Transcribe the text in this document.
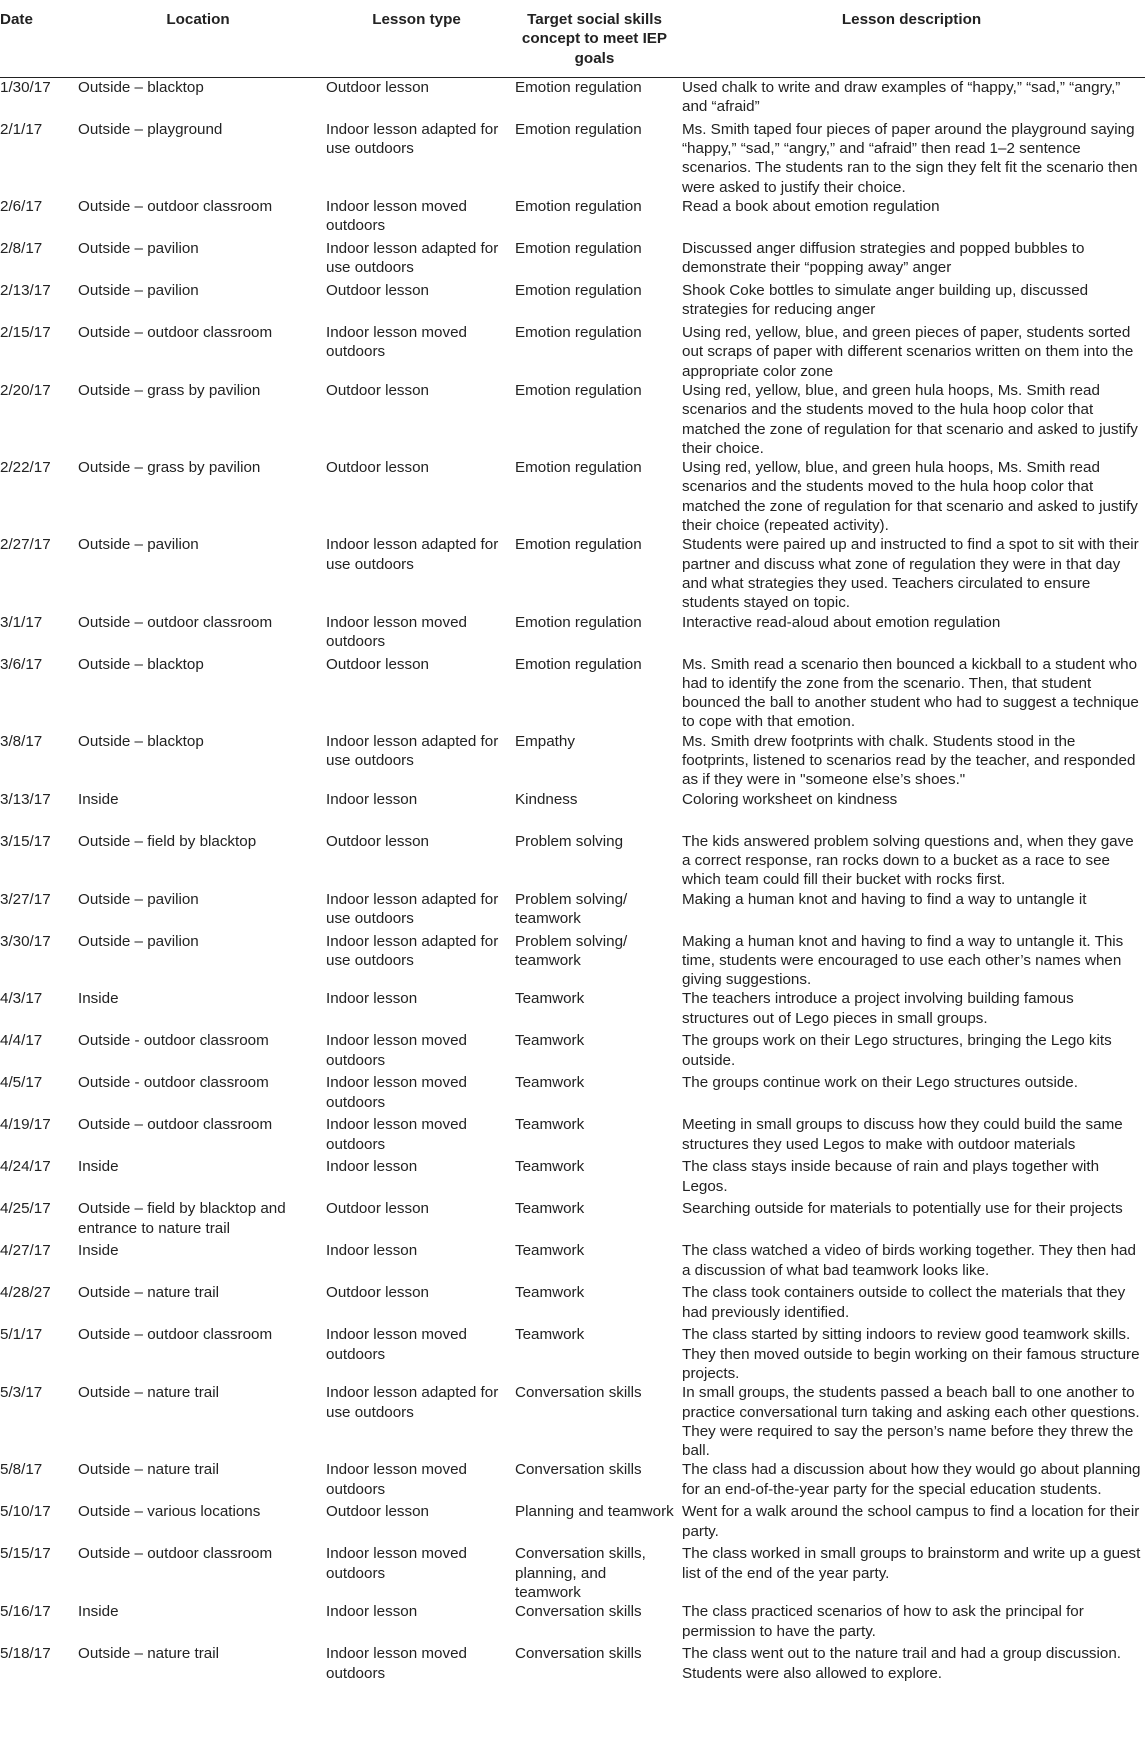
Date	Location	Lesson type	Target social skills concept to meet IEP goals	Lesson description
1/30/17	Outside – blacktop	Outdoor lesson	Emotion regulation	Used chalk to write and draw examples of “happy,” “sad,” “angry,” and “afraid”
2/1/17	Outside – playground	Indoor lesson adapted for use outdoors	Emotion regulation	Ms. Smith taped four pieces of paper around the playground saying “happy,” “sad,” “angry,” and “afraid” then read 1–2 sentence scenarios. The students ran to the sign they felt fit the scenario then were asked to justify their choice.
2/6/17	Outside – outdoor classroom	Indoor lesson moved outdoors	Emotion regulation	Read a book about emotion regulation
2/8/17	Outside – pavilion	Indoor lesson adapted for use outdoors	Emotion regulation	Discussed anger diffusion strategies and popped bubbles to demonstrate their “popping away” anger
2/13/17	Outside – pavilion	Outdoor lesson	Emotion regulation	Shook Coke bottles to simulate anger building up, discussed strategies for reducing anger
2/15/17	Outside – outdoor classroom	Indoor lesson moved outdoors	Emotion regulation	Using red, yellow, blue, and green pieces of paper, students sorted out scraps of paper with different scenarios written on them into the appropriate color zone
2/20/17	Outside – grass by pavilion	Outdoor lesson	Emotion regulation	Using red, yellow, blue, and green hula hoops, Ms. Smith read scenarios and the students moved to the hula hoop color that matched the zone of regulation for that scenario and asked to justify their choice.
2/22/17	Outside – grass by pavilion	Outdoor lesson	Emotion regulation	Using red, yellow, blue, and green hula hoops, Ms. Smith read scenarios and the students moved to the hula hoop color that matched the zone of regulation for that scenario and asked to justify their choice (repeated activity).
2/27/17	Outside – pavilion	Indoor lesson adapted for use outdoors	Emotion regulation	Students were paired up and instructed to find a spot to sit with their partner and discuss what zone of regulation they were in that day and what strategies they used. Teachers circulated to ensure students stayed on topic.
3/1/17	Outside – outdoor classroom	Indoor lesson moved outdoors	Emotion regulation	Interactive read-aloud about emotion regulation
3/6/17	Outside – blacktop	Outdoor lesson	Emotion regulation	Ms. Smith read a scenario then bounced a kickball to a student who had to identify the zone from the scenario. Then, that student bounced the ball to another student who had to suggest a technique to cope with that emotion.
3/8/17	Outside – blacktop	Indoor lesson adapted for use outdoors	Empathy	Ms. Smith drew footprints with chalk. Students stood in the footprints, listened to scenarios read by the teacher, and responded as if they were in "someone else’s shoes."
3/13/17	Inside	Indoor lesson	Kindness	Coloring worksheet on kindness
3/15/17	Outside – field by blacktop	Outdoor lesson	Problem solving	The kids answered problem solving questions and, when they gave a correct response, ran rocks down to a bucket as a race to see which team could fill their bucket with rocks first.
3/27/17	Outside – pavilion	Indoor lesson adapted for use outdoors	Problem solving/ teamwork	Making a human knot and having to find a way to untangle it
3/30/17	Outside – pavilion	Indoor lesson adapted for use outdoors	Problem solving/ teamwork	Making a human knot and having to find a way to untangle it. This time, students were encouraged to use each other’s names when giving suggestions.
4/3/17	Inside	Indoor lesson	Teamwork	The teachers introduce a project involving building famous structures out of Lego pieces in small groups.
4/4/17	Outside - outdoor classroom	Indoor lesson moved outdoors	Teamwork	The groups work on their Lego structures, bringing the Lego kits outside.
4/5/17	Outside - outdoor classroom	Indoor lesson moved outdoors	Teamwork	The groups continue work on their Lego structures outside.
4/19/17	Outside – outdoor classroom	Indoor lesson moved outdoors	Teamwork	Meeting in small groups to discuss how they could build the same structures they used Legos to make with outdoor materials
4/24/17	Inside	Indoor lesson	Teamwork	The class stays inside because of rain and plays together with Legos.
4/25/17	Outside – field by blacktop and entrance to nature trail	Outdoor lesson	Teamwork	Searching outside for materials to potentially use for their projects
4/27/17	Inside	Indoor lesson	Teamwork	The class watched a video of birds working together. They then had a discussion of what bad teamwork looks like.
4/28/27	Outside – nature trail	Outdoor lesson	Teamwork	The class took containers outside to collect the materials that they had previously identified.
5/1/17	Outside – outdoor classroom	Indoor lesson moved outdoors	Teamwork	The class started by sitting indoors to review good teamwork skills. They then moved outside to begin working on their famous structure projects.
5/3/17	Outside – nature trail	Indoor lesson adapted for use outdoors	Conversation skills	In small groups, the students passed a beach ball to one another to practice conversational turn taking and asking each other questions. They were required to say the person’s name before they threw the ball.
5/8/17	Outside – nature trail	Indoor lesson moved outdoors	Conversation skills	The class had a discussion about how they would go about planning for an end-of-the-year party for the special education students.
5/10/17	Outside – various locations	Outdoor lesson	Planning and teamwork	Went for a walk around the school campus to find a location for their party.
5/15/17	Outside – outdoor classroom	Indoor lesson moved outdoors	Conversation skills, planning, and teamwork	The class worked in small groups to brainstorm and write up a guest list of the end of the year party.
5/16/17	Inside	Indoor lesson	Conversation skills	The class practiced scenarios of how to ask the principal for permission to have the party.
5/18/17	Outside – nature trail	Indoor lesson moved outdoors	Conversation skills	The class went out to the nature trail and had a group discussion. Students were also allowed to explore.
